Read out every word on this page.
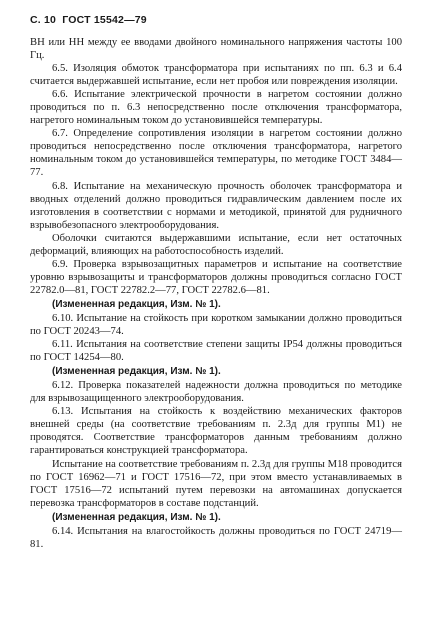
С. 10 ГОСТ 15542—79

ВН или НН между ее вводами двойного номинального напряжения частоты 100 Гц.

6.5. Изоляция обмоток трансформатора при испытаниях по пп. 6.3 и 6.4 считается выдержавшей испытание, если нет пробоя или повреждения изоляции.

6.6. Испытание электрической прочности в нагретом состоянии должно проводиться по п. 6.3 непосредственно после отключения трансформатора, нагретого номинальным током до установившейся температуры.

6.7. Определение сопротивления изоляции в нагретом состоянии должно проводиться непосредственно после отключения трансформатора, нагретого номинальным током до установившейся температуры, по методике ГОСТ 3484—77.

6.8. Испытание на механическую прочность оболочек трансформатора и вводных отделений должно проводиться гидравлическим давлением после их изготовления в соответствии с нормами и методикой, принятой для рудничного взрывобезопасного электрооборудования.

Оболочки считаются выдержавшими испытание, если нет остаточных деформаций, влияющих на работоспособность изделий.

6.9. Проверка взрывозащитных параметров и испытание на соответствие уровню взрывозащиты и трансформаторов должны проводиться согласно ГОСТ 22782.0—81, ГОСТ 22782.2—77, ГОСТ 22782.6—81.

(Измененная редакция, Изм. № 1).

6.10. Испытание на стойкость при коротком замыкании должно проводиться по ГОСТ 20243—74.

6.11. Испытания на соответствие степени защиты IP54 должны проводиться по ГОСТ 14254—80.

(Измененная редакция, Изм. № 1).

6.12. Проверка показателей надежности должна проводиться по методике для взрывозащищенного электрооборудования.

6.13. Испытания на стойкость к воздействию механических факторов внешней среды (на соответствие требованиям п. 2.3д для группы М1) не проводятся. Соответствие трансформаторов данным требованиям должно гарантироваться конструкцией трансформатора.

Испытание на соответствие требованиям п. 2.3д для группы М18 проводится по ГОСТ 16962—71 и ГОСТ 17516—72, при этом вместо устанавливаемых в ГОСТ 17516—72 испытаний путем перевозки на автомашинах допускается перевозка трансформаторов в составе подстанций.

(Измененная редакция, Изм. № 1).

6.14. Испытания на влагостойкость должны проводиться по ГОСТ 24719—81.
